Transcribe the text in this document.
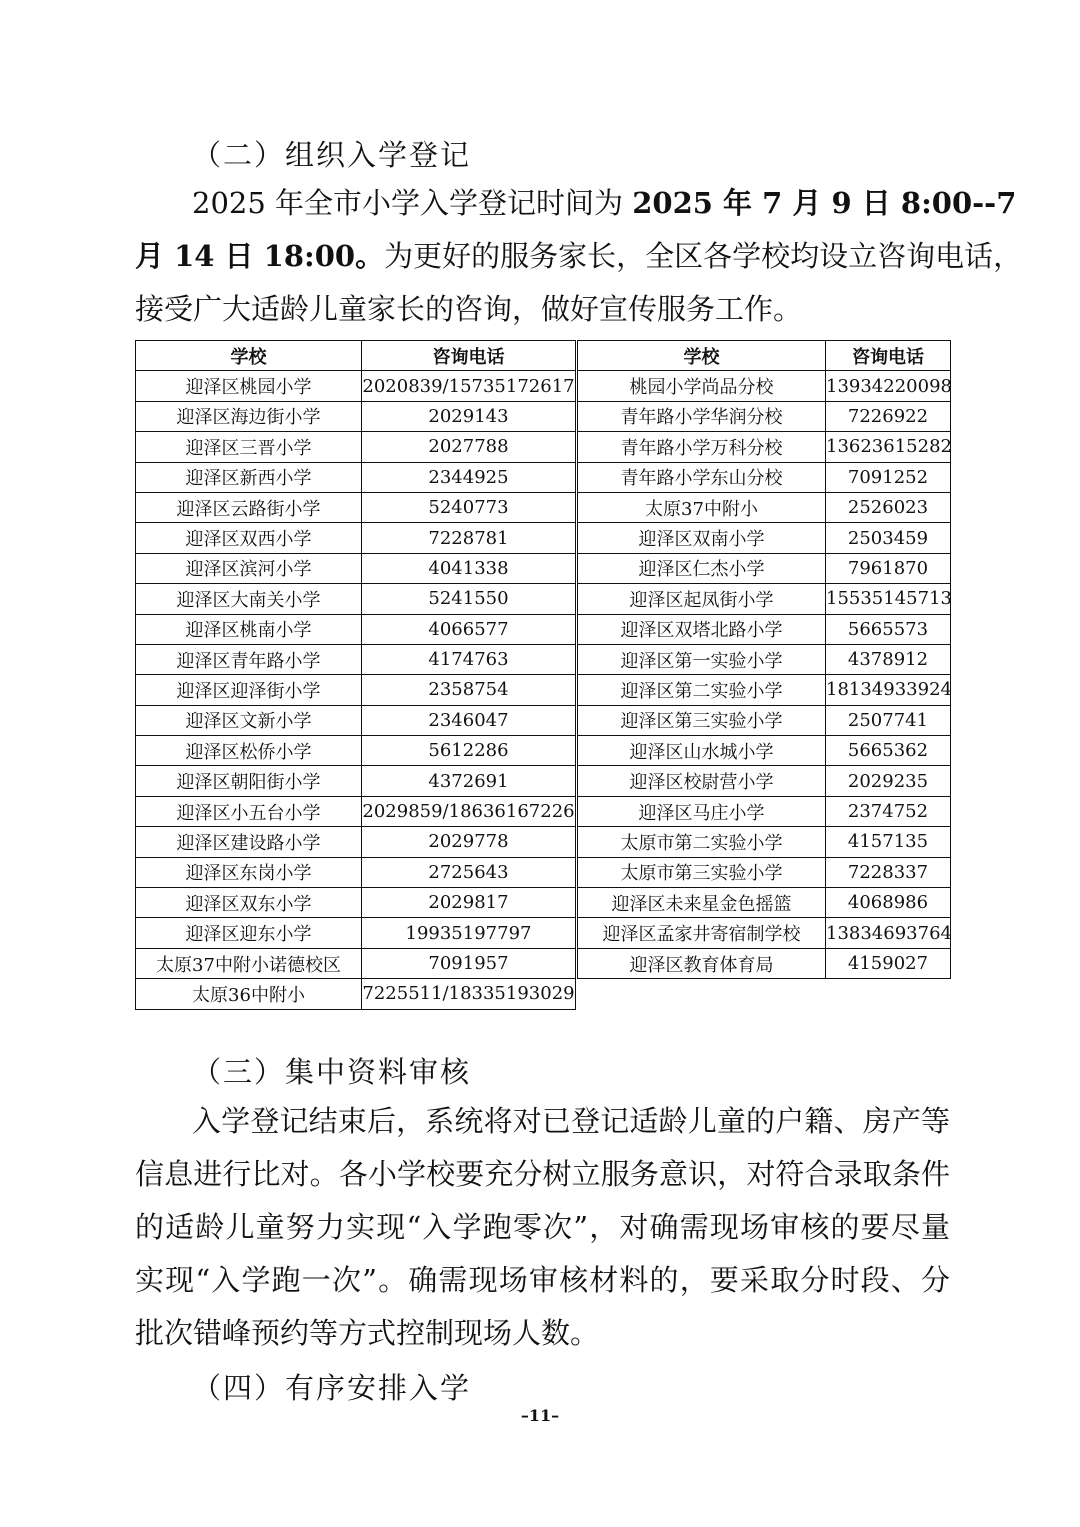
（二）组织入学登记
2025 年全市小学入学登记时间为 2025 年 7 月 9 日 8:00--7
月 14 日 18:00。为更好的服务家长，全区各学校均设立咨询电话，
接受广大适龄儿童家长的咨询，做好宣传服务工作。
学校	咨询电话
迎泽区桃园小学	2020839/15735172617
迎泽区海边街小学	2029143
迎泽区三晋小学	2027788
迎泽区新西小学	2344925
迎泽区云路街小学	5240773
迎泽区双西小学	7228781
迎泽区滨河小学	4041338
迎泽区大南关小学	5241550
迎泽区桃南小学	4066577
迎泽区青年路小学	4174763
迎泽区迎泽街小学	2358754
迎泽区文新小学	2346047
迎泽区松侨小学	5612286
迎泽区朝阳街小学	4372691
迎泽区小五台小学	2029859/18636167226
迎泽区建设路小学	2029778
迎泽区东岗小学	2725643
迎泽区双东小学	2029817
迎泽区迎东小学	19935197797
太原37中附小诺德校区	7091957
太原36中附小	7225511/18335193029
学校	咨询电话
桃园小学尚品分校	13934220098
青年路小学华润分校	7226922
青年路小学万科分校	13623615282
青年路小学东山分校	7091252
太原37中附小	2526023
迎泽区双南小学	2503459
迎泽区仁杰小学	7961870
迎泽区起凤街小学	15535145713
迎泽区双塔北路小学	5665573
迎泽区第一实验小学	4378912
迎泽区第二实验小学	18134933924
迎泽区第三实验小学	2507741
迎泽区山水城小学	5665362
迎泽区校尉营小学	2029235
迎泽区马庄小学	2374752
太原市第二实验小学	4157135
太原市第三实验小学	7228337
迎泽区未来星金色摇篮	4068986
迎泽区孟家井寄宿制学校	13834693764
迎泽区教育体育局	4159027
（三）集中资料审核
入学登记结束后，系统将对已登记适龄儿童的户籍、房产等
信息进行比对。各小学校要充分树立服务意识，对符合录取条件
的适龄儿童努力实现“入学跑零次”，对确需现场审核的要尽量
实现“入学跑一次”。确需现场审核材料的，要采取分时段、分
批次错峰预约等方式控制现场人数。
（四）有序安排入学
–11–
